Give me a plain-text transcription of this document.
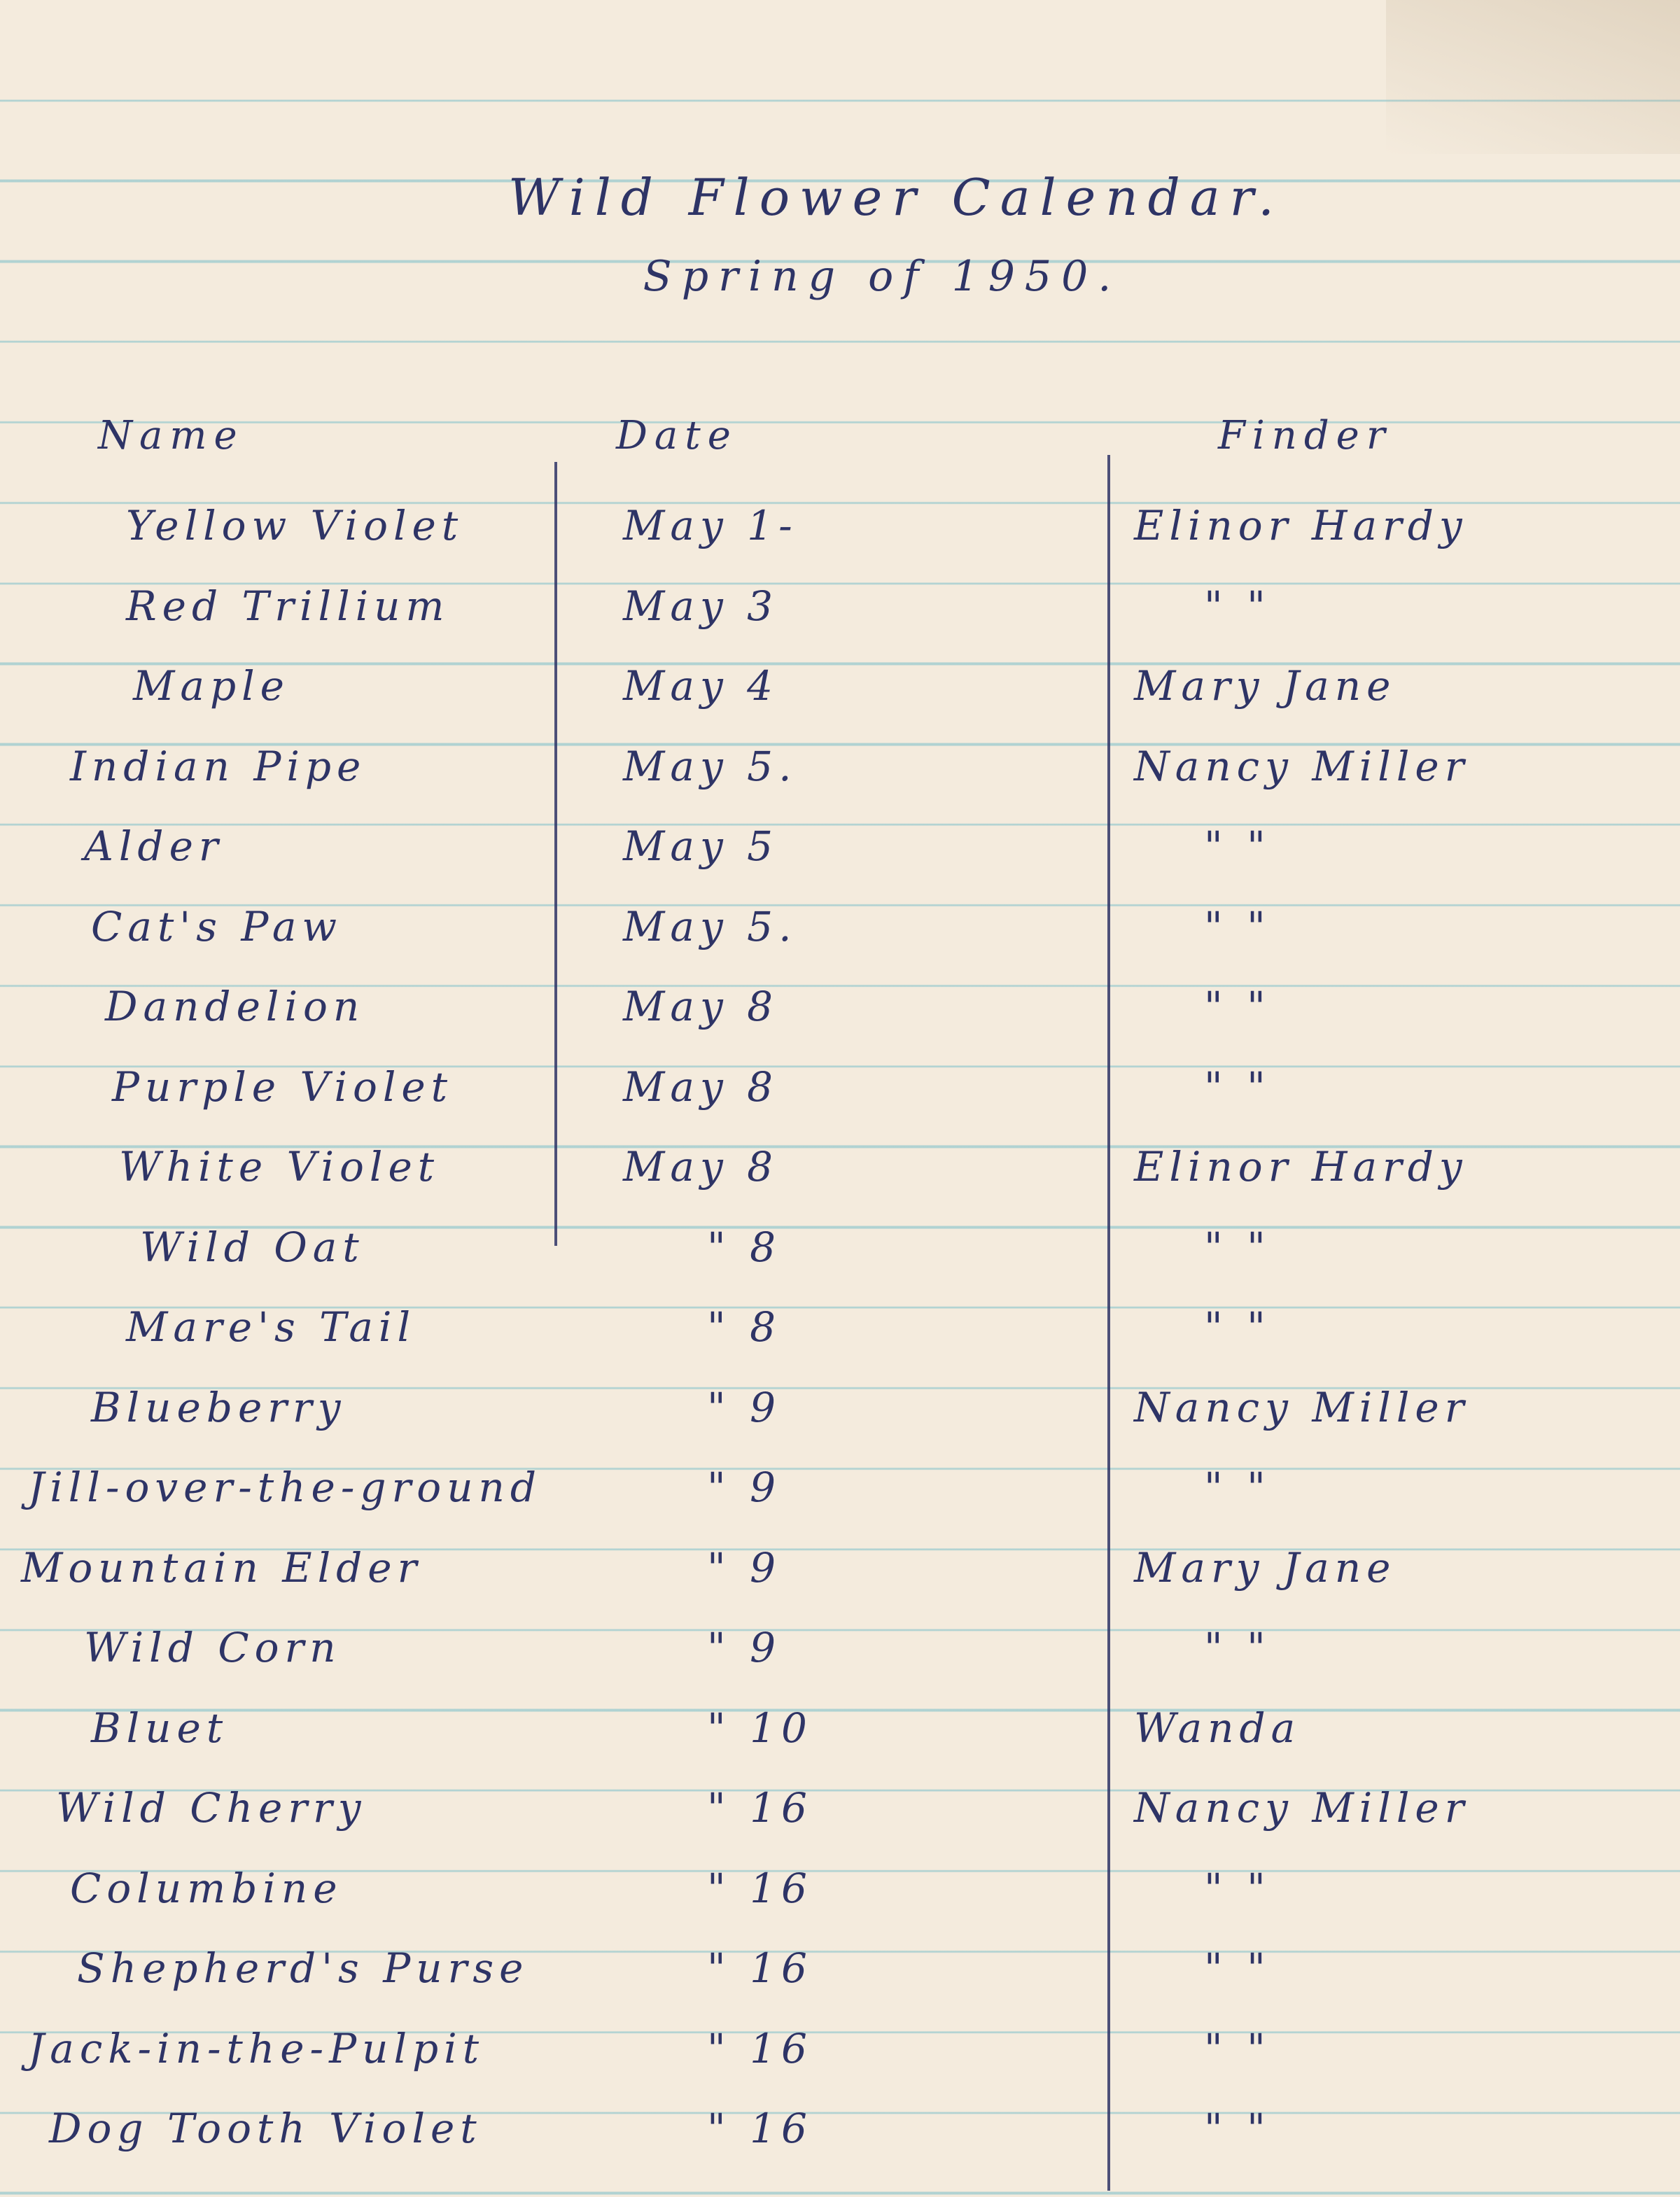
Wild Flower Calendar.
Spring of 1950.
Name	Date	Finder
Yellow Violet	May 1-	Elinor Hardy
Red Trillium	May 3	" "
Maple	May 4	Mary Jane
Indian Pipe	May 5.	Nancy Miller
Alder	May 5	" "
Cat's Paw	May 5.	" "
Dandelion	May 8	" "
Purple Violet	May 8	" "
White Violet	May 8	Elinor Hardy
Wild Oat	" 8	" "
Mare's Tail	" 8	" "
Blueberry	" 9	Nancy Miller
Jill-over-the-ground	" 9	" "
Mountain Elder	" 9	Mary Jane
Wild Corn	" 9	" "
Bluet	" 10	Wanda
Wild Cherry	" 16	Nancy Miller
Columbine	" 16	" "
Shepherd's Purse	" 16	" "
Jack-in-the-Pulpit	" 16	" "
Dog Tooth Violet	" 16	" "
